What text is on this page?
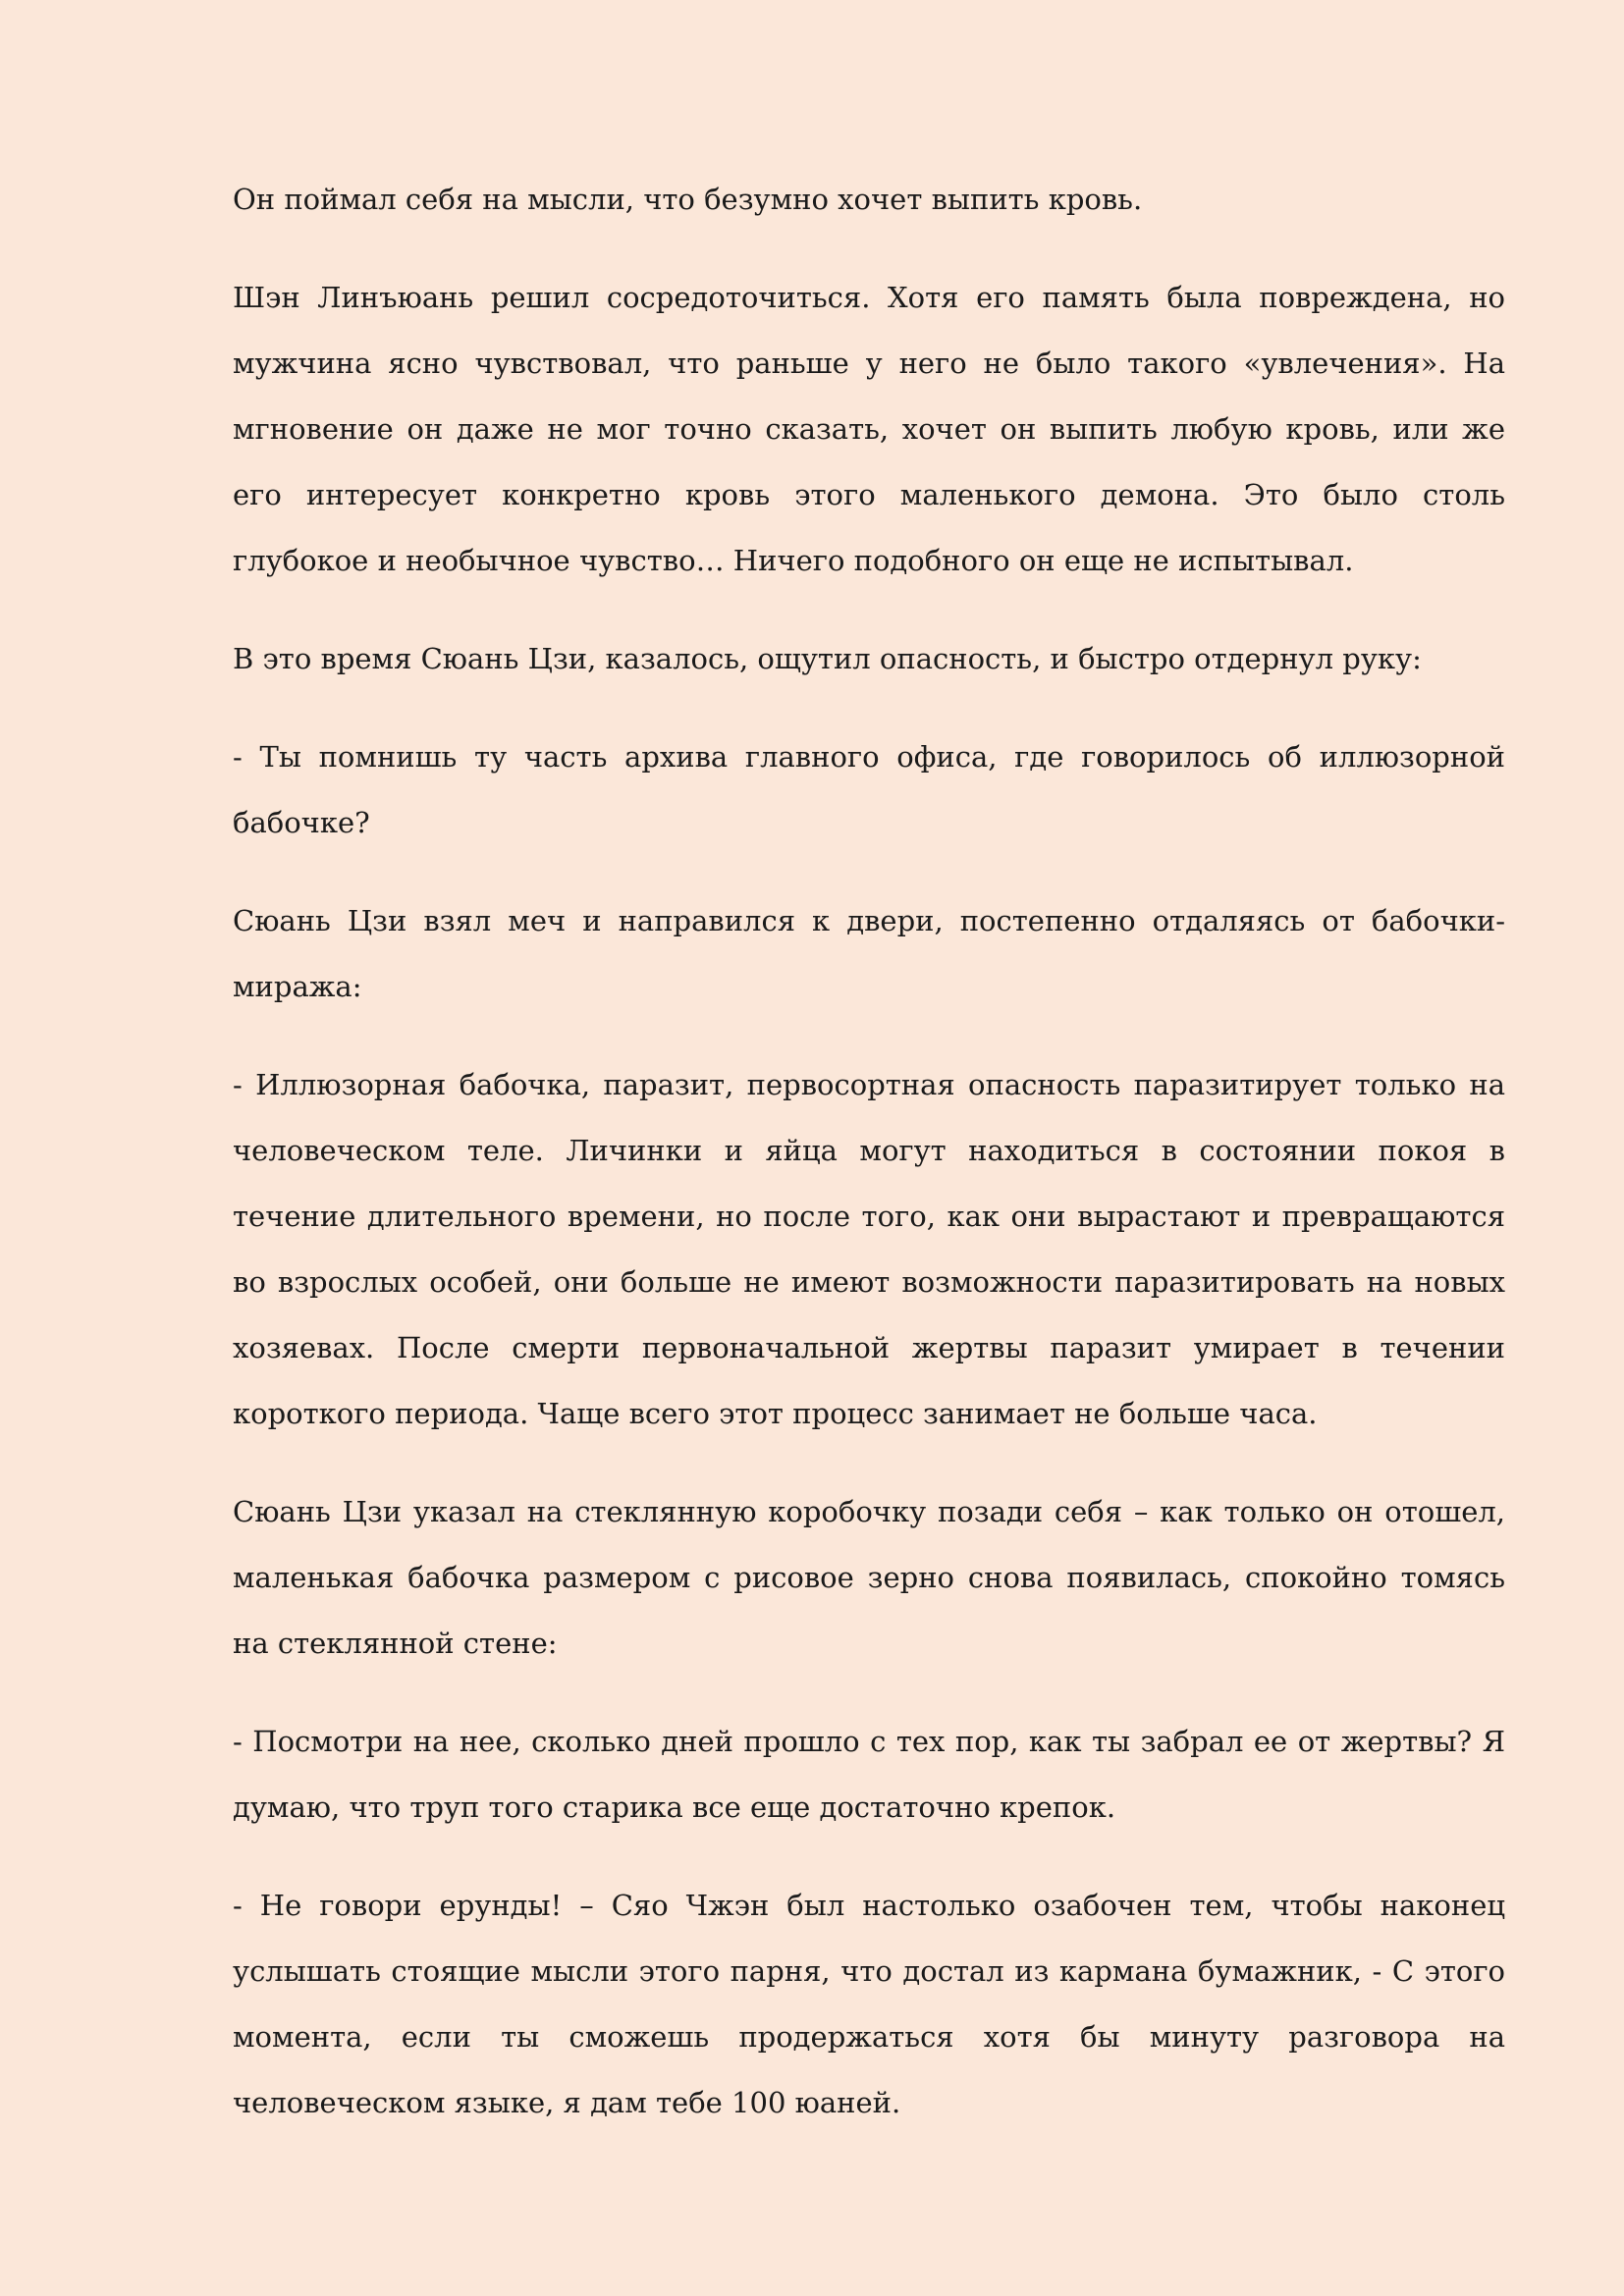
Он поймал себя на мысли, что безумно хочет выпить кровь.

Шэн Линъюань решил сосредоточиться. Хотя его память была повреждена, но мужчина ясно чувствовал, что раньше у него не было такого «увлечения». На мгновение он даже не мог точно сказать, хочет он выпить любую кровь, или же его интересует конкретно кровь этого маленького демона. Это было столь глубокое и необычное чувство… Ничего подобного он еще не испытывал.

В это время Сюань Цзи, казалось, ощутил опасность, и быстро отдернул руку:

- Ты помнишь ту часть архива главного офиса, где говорилось об иллюзорной бабочке?

Сюань Цзи взял меч и направился к двери, постепенно отдаляясь от бабочки-миража:

- Иллюзорная бабочка, паразит, первосортная опасность паразитирует только на человеческом теле. Личинки и яйца могут находиться в состоянии покоя в течение длительного времени, но после того, как они вырастают и превращаются во взрослых особей, они больше не имеют возможности паразитировать на новых хозяевах. После смерти первоначальной жертвы паразит умирает в течении короткого периода. Чаще всего этот процесс занимает не больше часа.

Сюань Цзи указал на стеклянную коробочку позади себя – как только он отошел, маленькая бабочка размером с рисовое зерно снова появилась, спокойно томясь на стеклянной стене:

- Посмотри на нее, сколько дней прошло с тех пор, как ты забрал ее от жертвы? Я думаю, что труп того старика все еще достаточно крепок.

- Не говори ерунды! – Сяо Чжэн был настолько озабочен тем, чтобы наконец услышать стоящие мысли этого парня, что достал из кармана бумажник, - С этого момента, если ты сможешь продержаться хотя бы минуту разговора на человеческом языке, я дам тебе 100 юаней.
